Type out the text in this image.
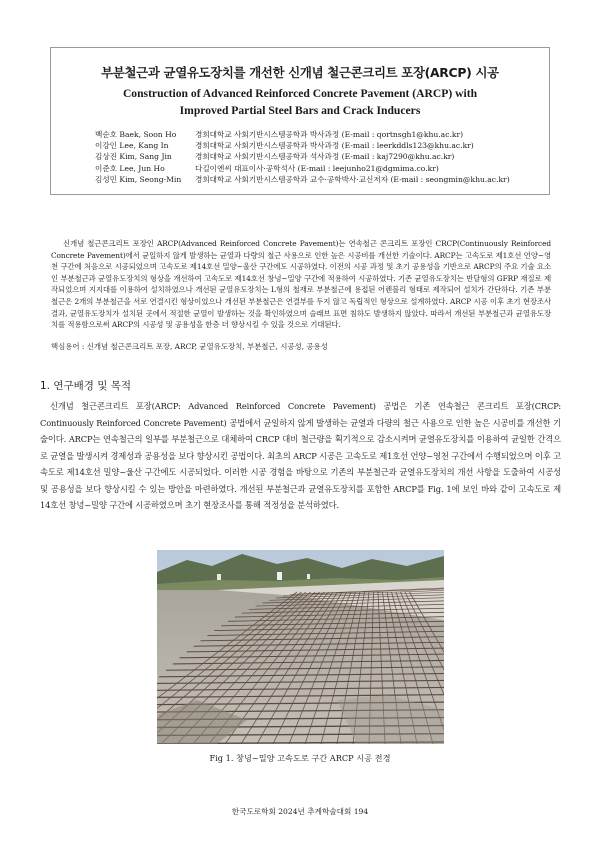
부분철근과 균열유도장치를 개선한 신개념 철근콘크리트 포장(ARCP) 시공
Construction of Advanced Reinforced Concrete Pavement (ARCP) with
Improved Partial Steel Bars and Crack Inducers
백순호 Baek, Soon Ho 경희대학교 사회기반시스템공학과 박사과정 (E-mail : qortnsgh1@khu.ac.kr)
이강인 Lee, Kang In	경희대학교 사회기반시스템공학과 박사과정 (E-mail : leerkddls123@khu.ac.kr)
김상진 Kim, Sang Jin	경희대학교 사회기반시스템공학과 석사과정 (E-mail : kaj7290@khu.ac.kr)
이준호 Lee, Jun Ho	다길이엔씨 대표이사·공학석사 (E-mail : leejunho21@dgmima.co.kr)
김성민 Kim, Seong-Min 경희대학교 사회기반시스템공학과 교수·공학박사·교신저자 (E-mail : seongmin@khu.ac.kr)
신개념 철근콘크리트 포장인 ARCP(Advanced Reinforced Concrete Pavement)는 연속철근 콘크리트 포장인 CRCP(Continuously Reinforced Concrete Pavement)에서 균일하지 않게 발생하는 균열과 다량의 철근 사용으로 인한 높은 시공비를 개선한 기술이다. ARCP는 고속도로 제1호선 언양~영천 구간에 처음으로 시공되었으며 고속도로 제14호선 밀양~울산 구간에도 시공하였다. 이전의 시공 과정 및 초기 공용성을 기반으로 ARCP의 주요 기술 요소인 부분철근과 균열유도장치의 형상을 개선하여 고속도로 제14호선 창녕~밀양 구간에 적용하여 시공하였다. 기존 균열유도장치는 반달형의 GFRP 재질로 제작되었으며 지지대를 이용하여 설치하였으나 개선된 균열유도장치는 L형의 철재로 부분철근에 용접된 어렌블리 형태로 제작되어 설치가 간단하다. 기존 부분철근은 2개의 부분철근을 서로 연결시킨 형상이었으나 개선된 부분철근은 연결부를 두지 않고 독립적인 형상으로 설계하였다. ARCP 시공 이후 초기 현장조사 결과, 균열유도장치가 설치된 곳에서 적절한 균열이 발생하는 것을 확인하였으며 슬래브 표면 침하도 발생하지 않았다. 따라서 개선된 부분철근과 균열유도장치를 적용함으로써 ARCP의 시공성 및 공용성을 한층 더 향상시킬 수 있을 것으로 기대된다.
핵심용어 : 신개념 철근콘크리트 포장, ARCP, 균열유도장치, 부분철근, 시공성, 공용성
1. 연구배경 및 목적
신개념 철근콘크리트 포장(ARCP: Advanced Reinforced Concrete Pavement) 공법은 기존 연속철근 콘크리트 포장(CRCP: Continuously Reinforced Concrete Pavement) 공법에서 균일하지 않게 발생하는 균열과 다량의 철근 사용으로 인한 높은 시공비를 개선한 기술이다. ARCP는 연속철근의 일부를 부분철근으로 대체하여 CRCP 대비 철근량을 획기적으로 감소시켜며 균열유도장치를 이용하여 균일한 간격으로 균열을 발생시켜 경제성과 공용성을 보다 향상시킨 공법이다. 최초의 ARCP 시공은 고속도로 제1호선 언양~영천 구간에서 수행되었으며 이후 고속도로 제14호선 밀양~울산 구간에도 시공되었다. 이러한 시공 경험을 바탕으로 기존의 부분철근과 균열유도장치의 개선 사항을 도출하여 시공성 및 공용성을 보다 향상시킬 수 있는 방안을 마련하였다. 개선된 부분철근과 균열유도장치를 포함한 ARCP를 Fig. 1에 보인 바와 같이 고속도로 제14호선 창녕~밀양 구간에 시공하였으며 초기 현장조사를 통해 적정성을 분석하였다.
Fig 1. 창녕~밀양 고속도로 구간 ARCP 시공 전경
한국도로학회 2024년 추계학술대회 194
